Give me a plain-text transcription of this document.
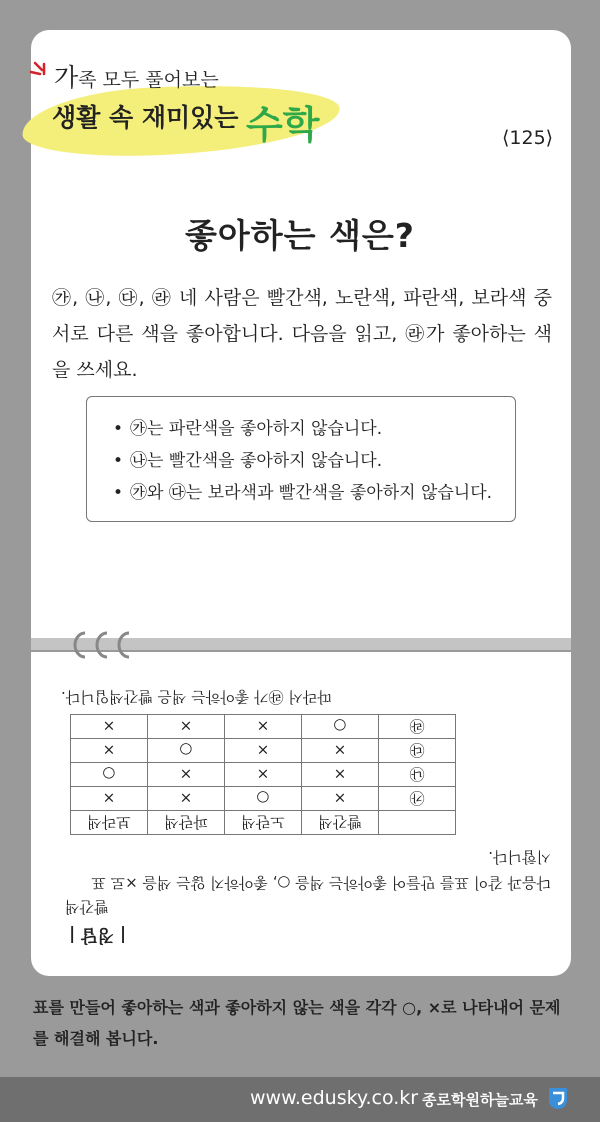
가족 모두 풀어보는
생활 속 재미있는 수학	⟨125⟩
좋아하는 색은?
㉮, ㉯, ㉰, ㉱ 네 사람은 빨간색, 노란색, 파란색, 보라색 중 서로 다른 색을 좋아합니다. 다음을 읽고, ㉱가 좋아하는 색을 쓰세요.
• ㉮는 파란색을 좋아하지 않습니다.
• ㉯는 빨간색을 좋아하지 않습니다.
• ㉮와 ㉰는 보라색과 빨간색을 좋아하지 않습니다.
| 정답 |
빨간색
다음과 같이 표를 만들어 좋아하는 색을 ○, 좋아하지 않는 색을 ×로 표시합니다.
	빨간색	노란색	파란색	보라색
㉮	×	○	×	×
㉯	×	×	×	○
㉰	×	×	○	×
㉱	○	×	×	×
따라서 ㉱가 좋아하는 색은 빨간색입니다.
표를 만들어 좋아하는 색과 좋아하지 않는 색을 각각 ○, ×로 나타내어 문제를 해결해 봅니다.
www.edusky.co.kr 종로학원하늘교육
